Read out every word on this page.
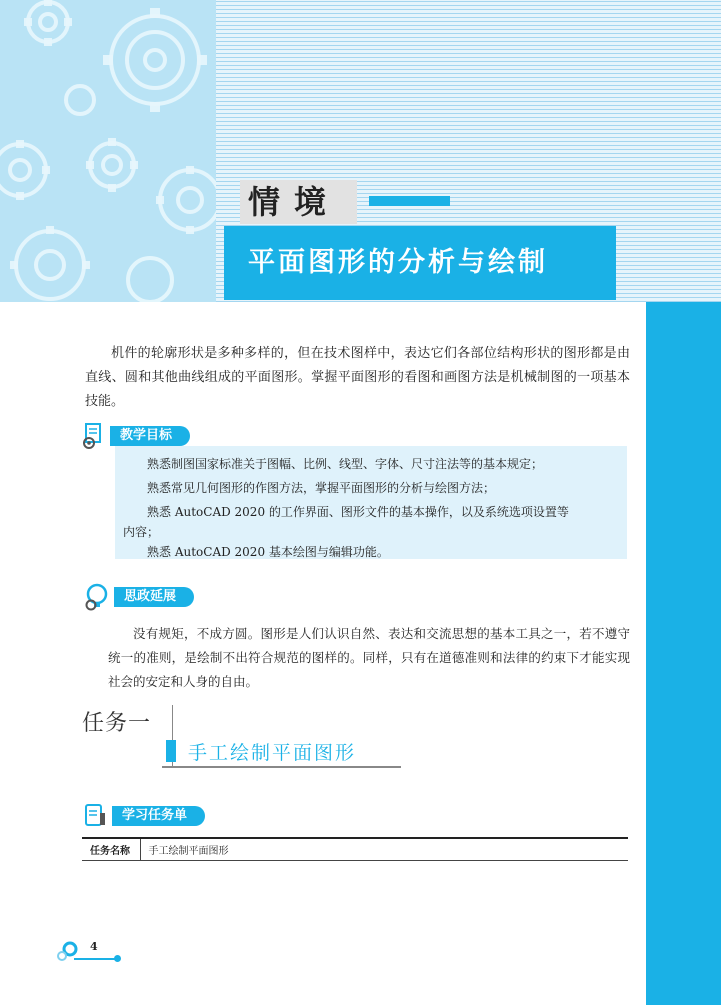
情境
平面图形的分析与绘制

机件的轮廓形状是多种多样的，但在技术图样中，表达它们各部位结构形状的图形都是由直线、圆和其他曲线组成的平面图形。掌握平面图形的看图和画图方法是机械制图的一项基本技能。

教学目标

熟悉制图国家标准关于图幅、比例、线型、字体、尺寸注法等的基本规定；

熟悉常见几何图形的作图方法，掌握平面图形的分析与绘图方法；

熟悉 AutoCAD 2020 的工作界面、图形文件的基本操作，以及系统选项设置等

内容；

熟悉 AutoCAD 2020 基本绘图与编辑功能。

思政延展

没有规矩，不成方圆。图形是人们认识自然、表达和交流思想的基本工具之一，若不遵守统一的准则，是绘制不出符合规范的图样的。同样，只有在道德准则和法律的约束下才能实现社会的安定和人身的自由。

任务一
手工绘制平面图形
学习任务单
任务名称	手工绘制平面图形
4
